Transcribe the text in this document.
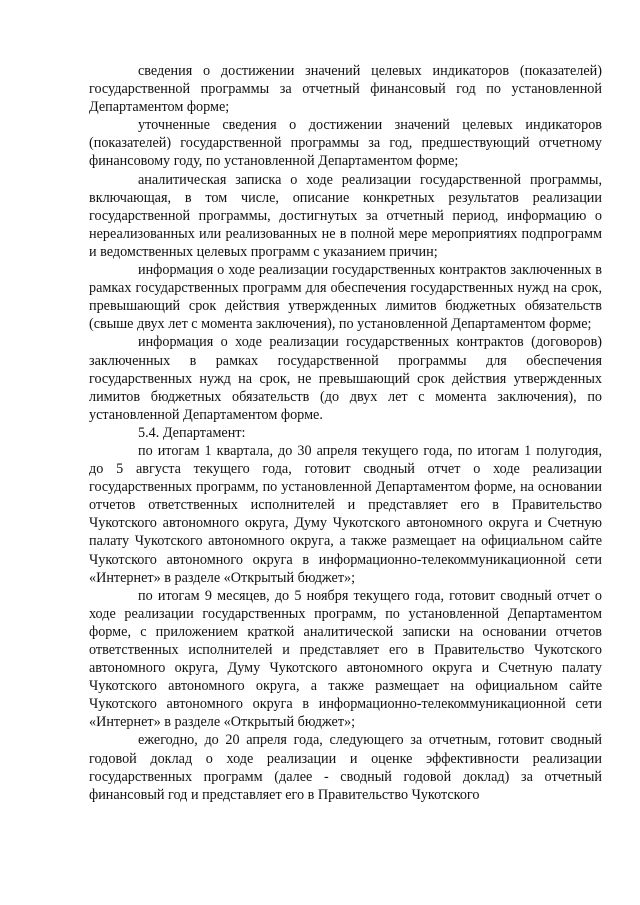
сведения о достижении значений целевых индикаторов (показателей) государственной программы за отчетный финансовый год по установленной Департаментом форме;

уточненные сведения о достижении значений целевых индикаторов (показателей) государственной программы за год, предшествующий отчетному финансовому году, по установленной Департаментом форме;

аналитическая записка о ходе реализации государственной программы, включающая, в том числе, описание конкретных результатов реализации государственной программы, достигнутых за отчетный период, информацию о нереализованных или реализованных не в полной мере мероприятиях подпрограмм и ведомственных целевых программ с указанием причин;

информация о ходе реализации государственных контрактов заключенных в рамках государственных программ для обеспечения государственных нужд на срок, превышающий срок действия утвержденных лимитов бюджетных обязательств (свыше двух лет с момента заключения), по установленной Департаментом форме;

информация о ходе реализации государственных контрактов (договоров) заключенных в рамках государственной программы для обеспечения государственных нужд на срок, не превышающий срок действия утвержденных лимитов бюджетных обязательств (до двух лет с момента заключения), по установленной Департаментом форме.

5.4. Департамент:

по итогам 1 квартала, до 30 апреля текущего года, по итогам 1 полугодия, до 5 августа текущего года, готовит сводный отчет о ходе реализации государственных программ, по установленной Департаментом форме, на основании отчетов ответственных исполнителей и представляет его в Правительство Чукотского автономного округа, Думу Чукотского автономного округа и Счетную палату Чукотского автономного округа, а также размещает на официальном сайте Чукотского автономного округа в информационно-телекоммуникационной сети «Интернет» в разделе «Открытый бюджет»;

по итогам 9 месяцев, до 5 ноября текущего года, готовит сводный отчет о ходе реализации государственных программ, по установленной Департаментом форме, с приложением краткой аналитической записки на основании отчетов ответственных исполнителей и представляет его в Правительство Чукотского автономного округа, Думу Чукотского автономного округа и Счетную палату Чукотского автономного округа, а также размещает на официальном сайте Чукотского автономного округа в информационно-телекоммуникационной сети «Интернет» в разделе «Открытый бюджет»;

ежегодно, до 20 апреля года, следующего за отчетным, готовит сводный годовой доклад о ходе реализации и оценке эффективности реализации государственных программ (далее - сводный годовой доклад) за отчетный финансовый год и представляет его в Правительство Чукотского
